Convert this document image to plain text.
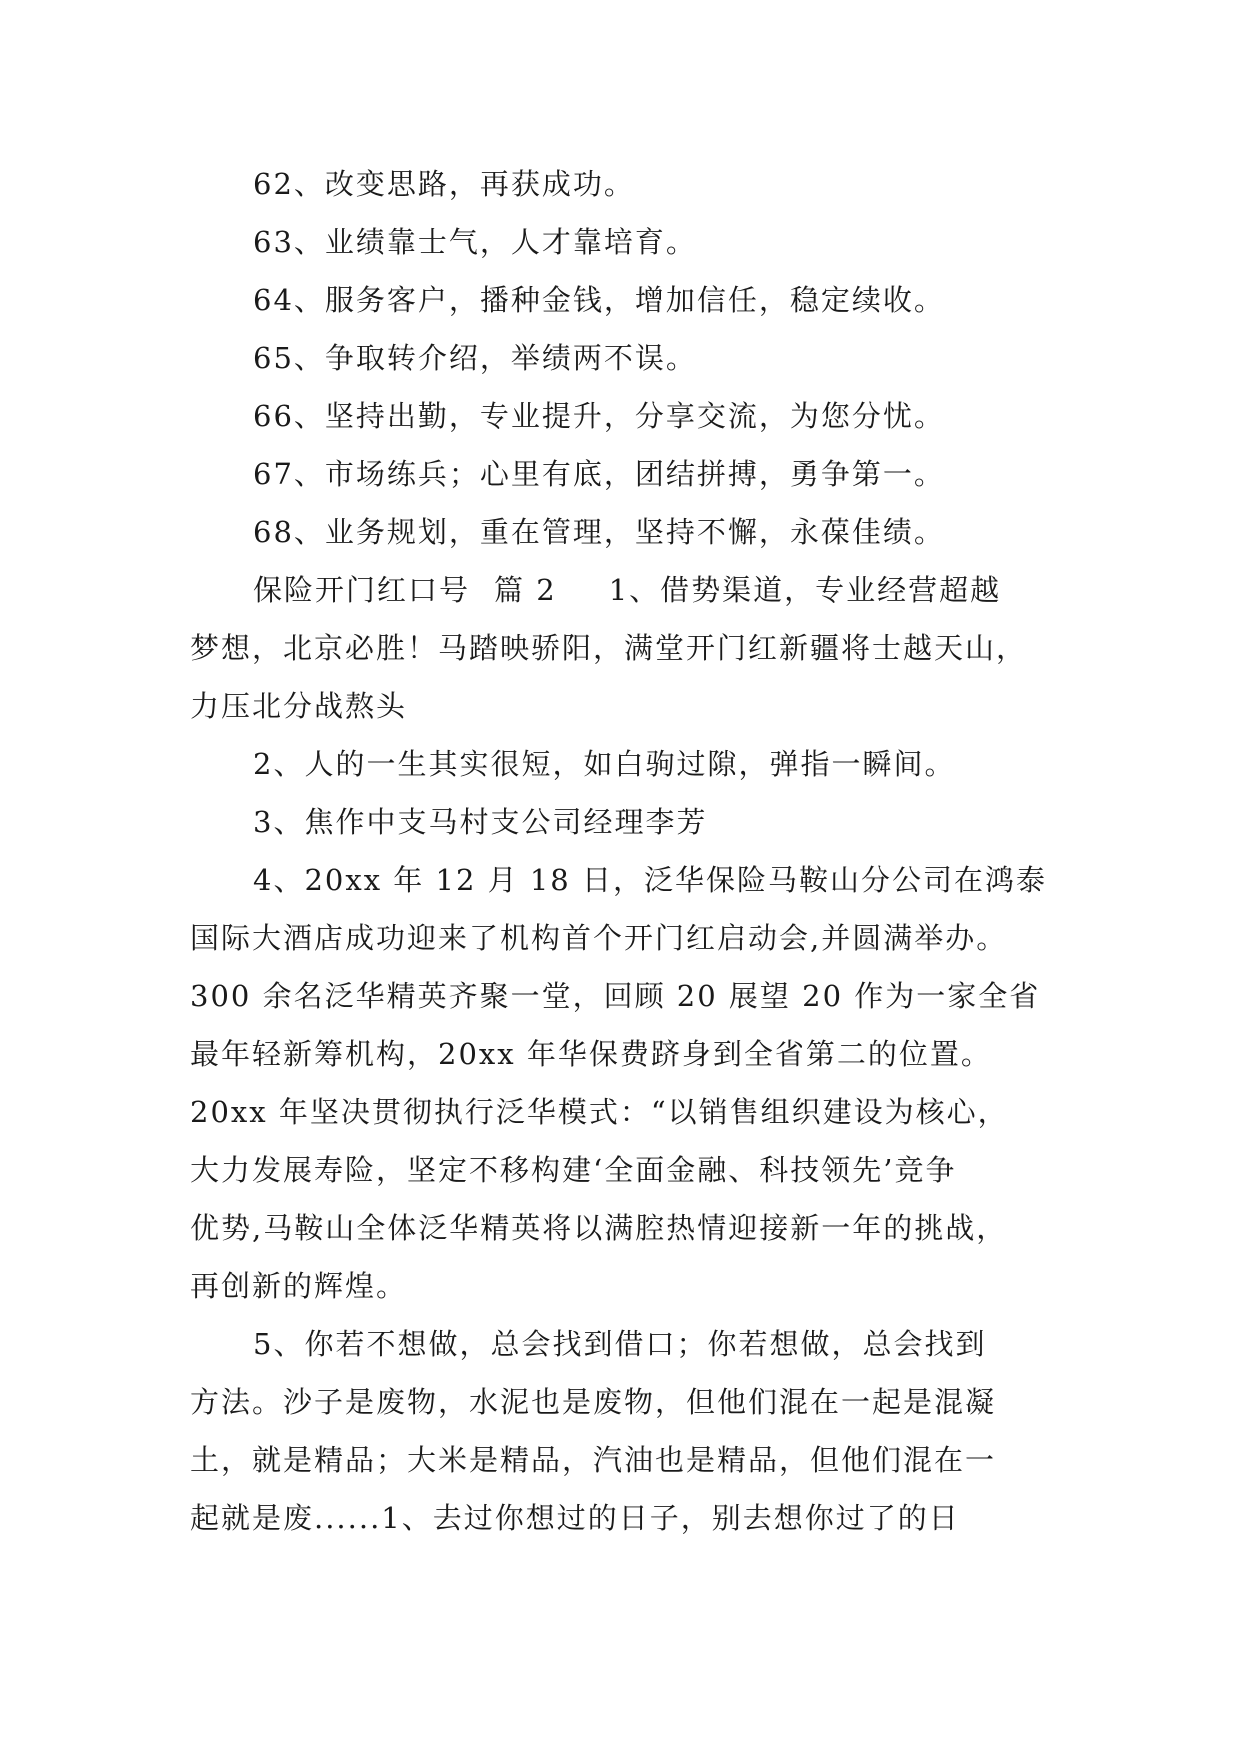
62、改变思路，再获成功。

63、业绩靠士气，人才靠培育。

64、服务客户，播种金钱，增加信任，稳定续收。

65、争取转介绍，举绩两不误。

66、坚持出勤，专业提升，分享交流，为您分忧。

67、市场练兵；心里有底，团结拼搏，勇争第一。

68、业务规划，重在管理，坚持不懈，永葆佳绩。

保险开门红口号 篇 2 1、借势渠道，专业经营超越

梦想，北京必胜！马踏映骄阳，满堂开门红新疆将士越天山，

力压北分战熬头

2、人的一生其实很短，如白驹过隙，弹指一瞬间。

3、焦作中支马村支公司经理李芳

4、20xx 年 12 月 18 日，泛华保险马鞍山分公司在鸿泰

国际大酒店成功迎来了机构首个开门红启动会,并圆满举办。

300 余名泛华精英齐聚一堂，回顾 20 展望 20 作为一家全省

最年轻新筹机构，20xx 年华保费跻身到全省第二的位置。

20xx 年坚决贯彻执行泛华模式：“以销售组织建设为核心，

大力发展寿险，坚定不移构建‘全面金融、科技领先’竞争

优势,马鞍山全体泛华精英将以满腔热情迎接新一年的挑战，

再创新的辉煌。

5、你若不想做，总会找到借口；你若想做，总会找到

方法。沙子是废物，水泥也是废物，但他们混在一起是混凝

土，就是精品；大米是精品，汽油也是精品，但他们混在一

起就是废......1、去过你想过的日子，别去想你过了的日
